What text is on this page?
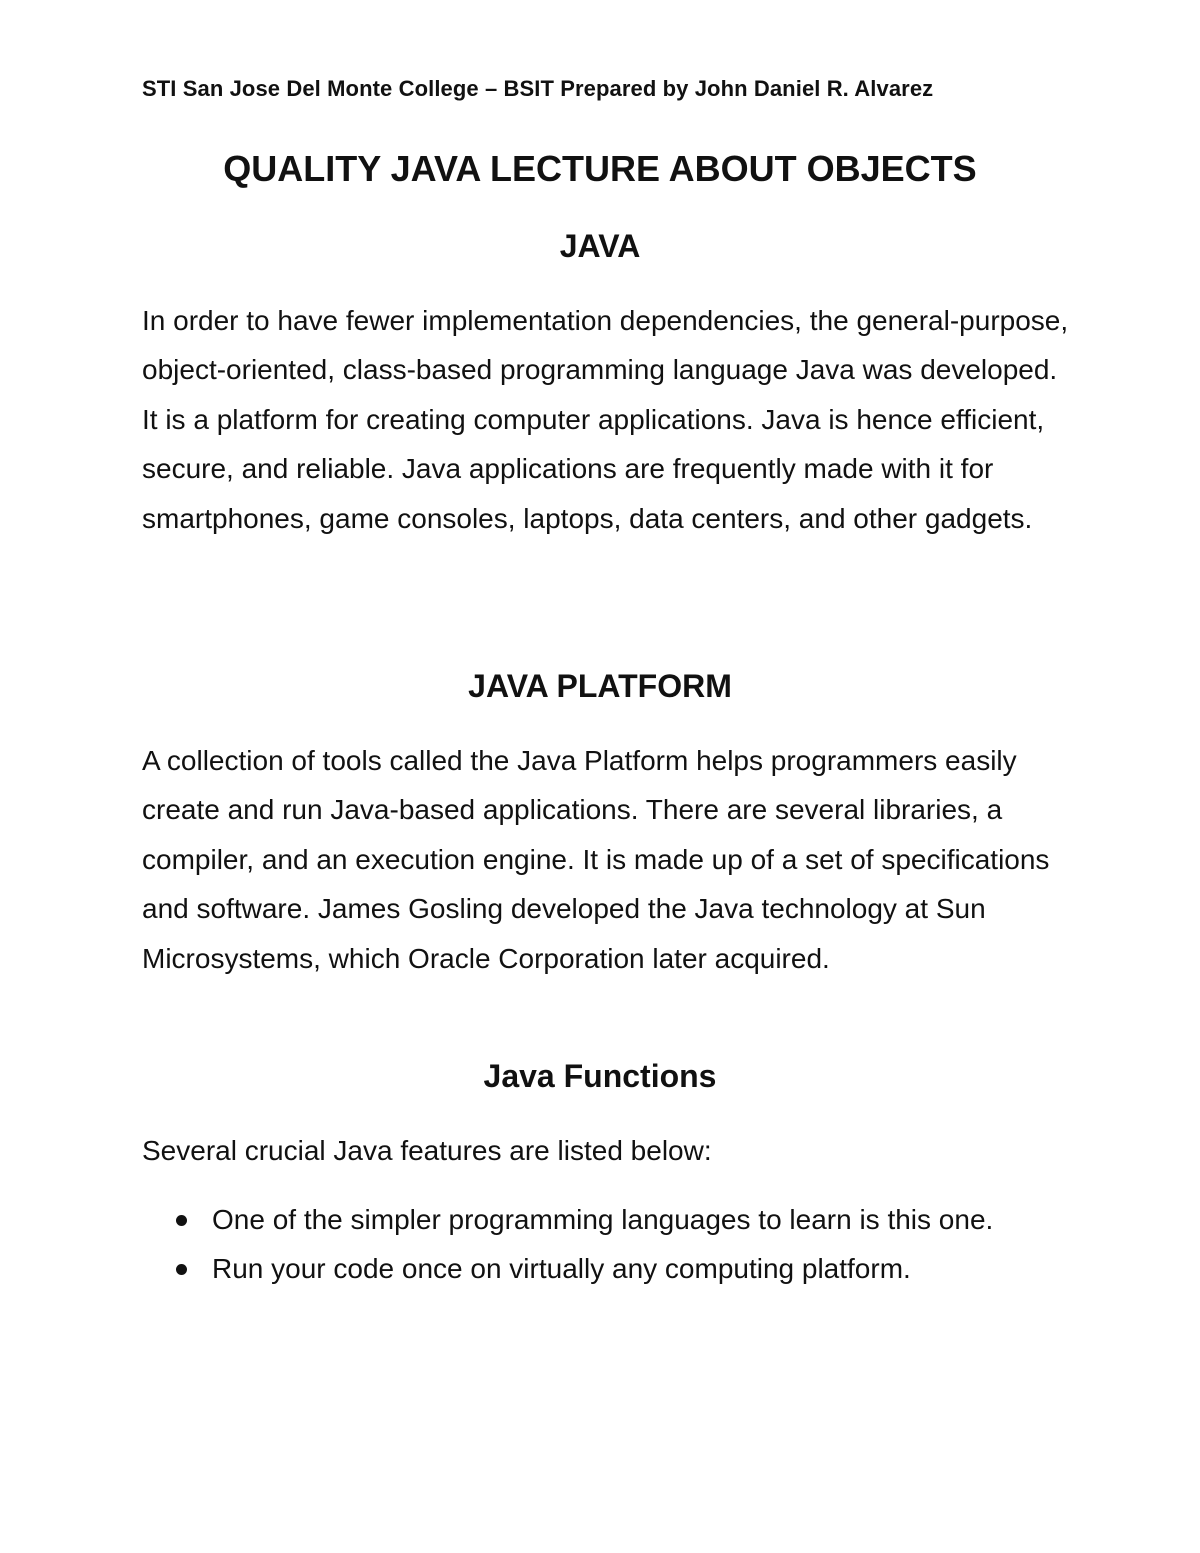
STI San Jose Del Monte College – BSIT Prepared by John Daniel R. Alvarez
QUALITY JAVA LECTURE ABOUT OBJECTS
JAVA

In order to have fewer implementation dependencies, the general-purpose, object-oriented, class-based programming language Java was developed. It is a platform for creating computer applications. Java is hence efficient, secure, and reliable. Java applications are frequently made with it for smartphones, game consoles, laptops, data centers, and other gadgets.

JAVA PLATFORM

A collection of tools called the Java Platform helps programmers easily create and run Java-based applications. There are several libraries, a compiler, and an execution engine. It is made up of a set of specifications and software. James Gosling developed the Java technology at Sun Microsystems, which Oracle Corporation later acquired.

Java Functions

Several crucial Java features are listed below:

One of the simpler programming languages to learn is this one.
Run your code once on virtually any computing platform.
